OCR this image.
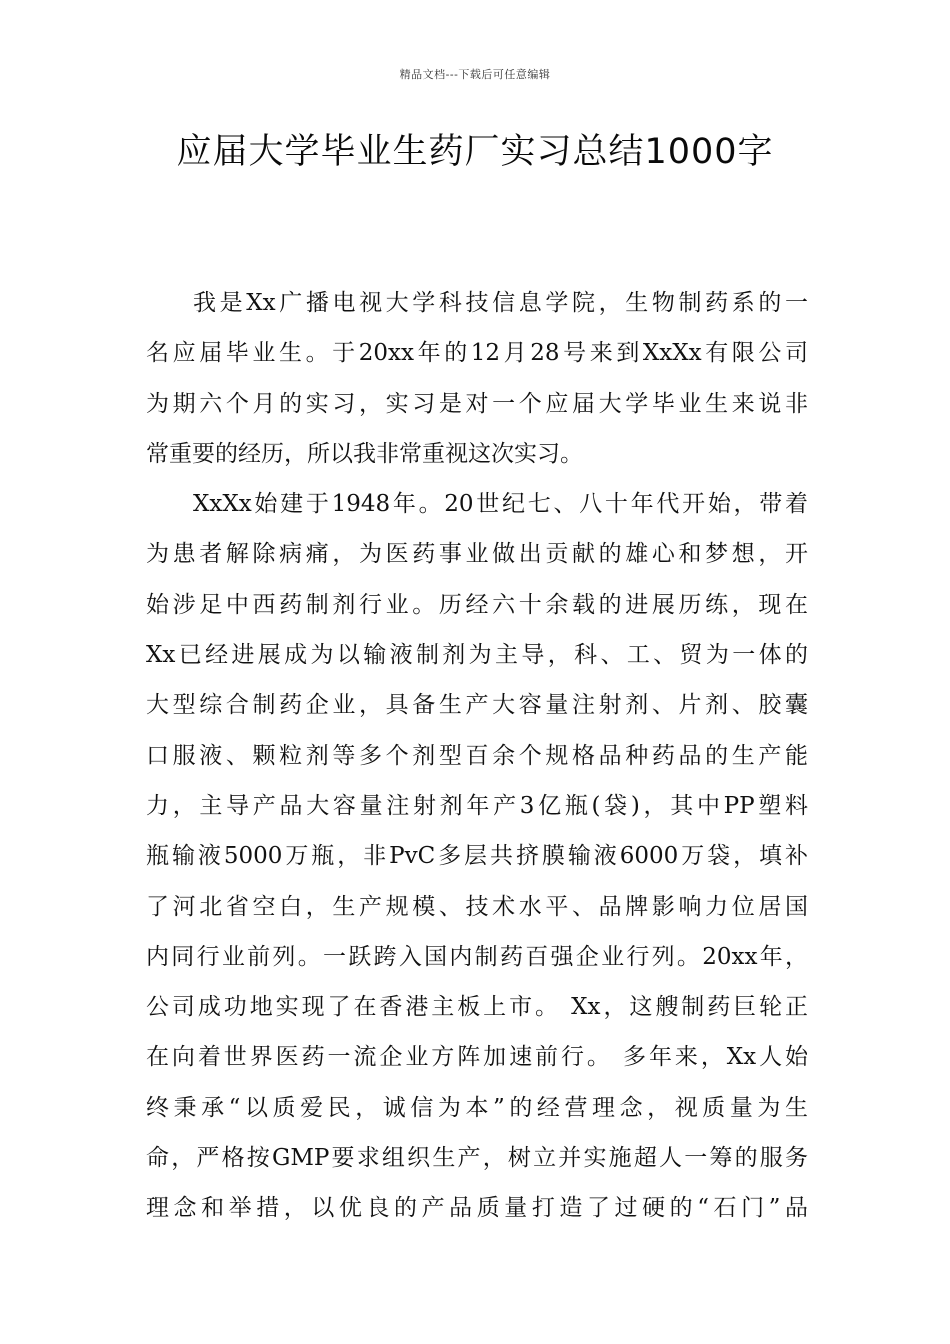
精品文档---下载后可任意编辑
应届大学毕业生药厂实习总结1000字
我是Xx广播电视大学科技信息学院，生物制药系的一
名应届毕业生。于20xx年的12月28号来到XxXx有限公司
为期六个月的实习，实习是对一个应届大学毕业生来说非
常重要的经历，所以我非常重视这次实习。
XxXx始建于1948年。20世纪七、八十年代开始，带着
为患者解除病痛，为医药事业做出贡献的雄心和梦想，开
始涉足中西药制剂行业。历经六十余载的进展历练，现在
Xx已经进展成为以输液制剂为主导，科、工、贸为一体的
大型综合制药企业，具备生产大容量注射剂、片剂、胶囊
口服液、颗粒剂等多个剂型百余个规格品种药品的生产能
力，主导产品大容量注射剂年产3亿瓶(袋)，其中PP塑料
瓶输液5000万瓶，非PvC多层共挤膜输液6000万袋，填补
了河北省空白，生产规模、技术水平、品牌影响力位居国
内同行业前列。一跃跨入国内制药百强企业行列。20xx年，
公司成功地实现了在香港主板上市。 Xx，这艘制药巨轮正
在向着世界医药一流企业方阵加速前行。 多年来，Xx人始
终秉承“以质爱民，诚信为本”的经营理念，视质量为生
命，严格按GMP要求组织生产，树立并实施超人一筹的服务
理念和举措，以优良的产品质量打造了过硬的“石门”品
